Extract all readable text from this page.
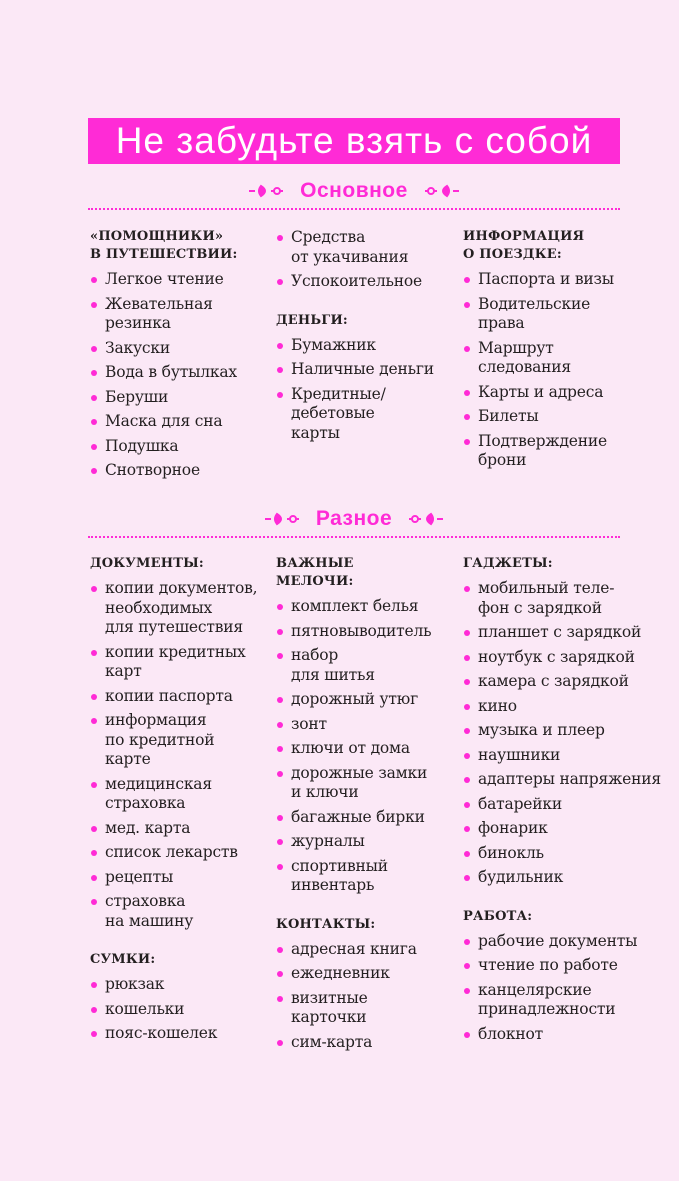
Не забудьте взять с собой
Основное
«ПОМОЩНИКИ»
В ПУТЕШЕСТВИИ:
Легкое чтение
Жевательная
резинка
Закуски
Вода в бутылках
Беруши
Маска для сна
Подушка
Снотворное
Средства
от укачивания
Успокоительное
ДЕНЬГИ:
Бумажник
Наличные деньги
Кредитные/
дебетовые
карты
ИНФОРМАЦИЯ
О ПОЕЗДКЕ:
Паспорта и визы
Водительские
права
Маршрут
следования
Карты и адреса
Билеты
Подтверждение
брони
Разное
ДОКУМЕНТЫ:
копии документов,
необходимых
для путешествия
копии кредитных
карт
копии паспорта
информация
по кредитной
карте
медицинская
страховка
мед. карта
список лекарств
рецепты
страховка
на машину
СУМКИ:
рюкзак
кошельки
пояс-кошелек
ВАЖНЫЕ
МЕЛОЧИ:
комплект белья
пятновыводитель
набор
для шитья
дорожный утюг
зонт
ключи от дома
дорожные замки
и ключи
багажные бирки
журналы
спортивный
инвентарь
КОНТАКТЫ:
адресная книга
ежедневник
визитные
карточки
сим-карта
ГАДЖЕТЫ:
мобильный теле-
фон с зарядкой
планшет с зарядкой
ноутбук с зарядкой
камера с зарядкой
кино
музыка и плеер
наушники
адаптеры напряжения
батарейки
фонарик
бинокль
будильник
РАБОТА:
рабочие документы
чтение по работе
канцелярские
принадлежности
блокнот
